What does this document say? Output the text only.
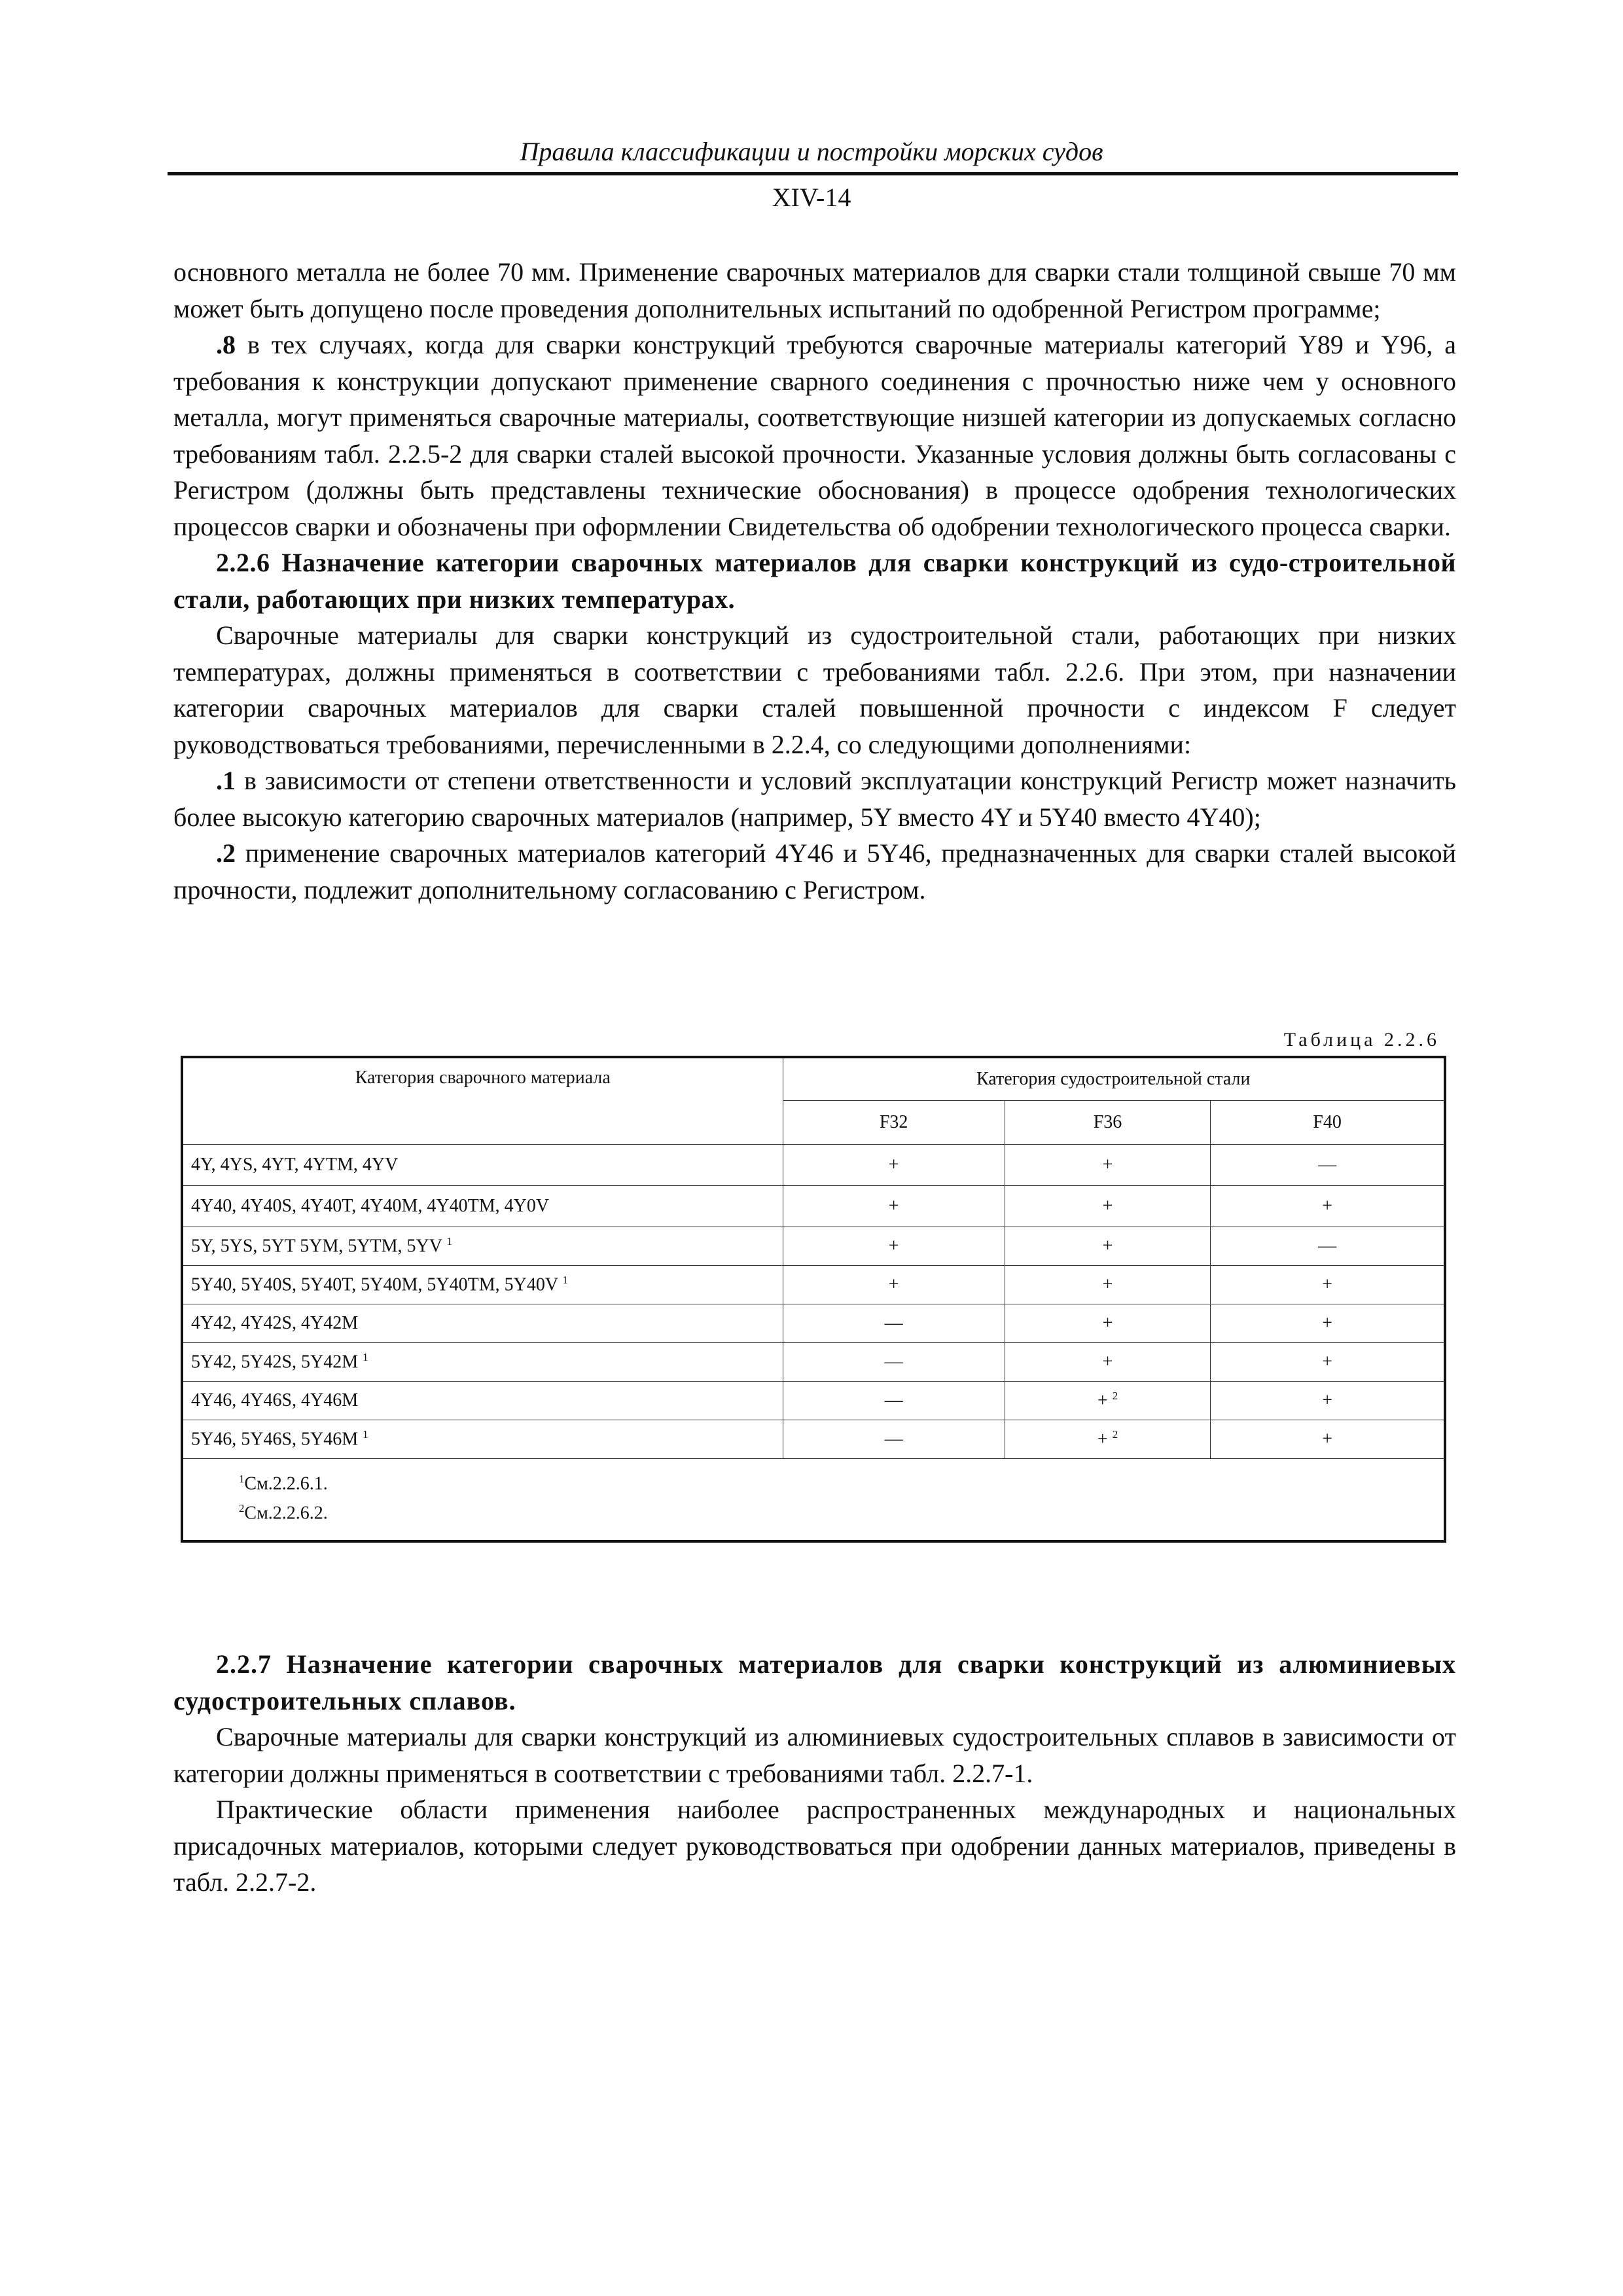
Правила классификации и постройки морских судов
XIV-14

основного металла не более 70 мм. Применение сварочных материалов для сварки стали толщиной свыше 70 мм может быть допущено после проведения дополнительных испытаний по одобренной Регистром программе;

.8 в тех случаях, когда для сварки конструкций требуются сварочные материалы категорий Y89 и Y96, а требования к конструкции допускают применение сварного соединения с прочностью ниже чем у основного металла, могут применяться сварочные материалы, соответствующие низшей категории из допускаемых согласно требованиям табл. 2.2.5-2 для сварки сталей высокой прочности. Указанные условия должны быть согласованы с Регистром (должны быть представлены технические обоснования) в процессе одобрения технологических процессов сварки и обозначены при оформлении Свидетельства об одобрении технологического процесса сварки.

2.2.6 Назначение категории сварочных материалов для сварки конструкций из судо-строительной стали, работающих при низких температурах.

Сварочные материалы для сварки конструкций из судостроительной стали, работающих при низких температурах, должны применяться в соответствии с требованиями табл. 2.2.6. При этом, при назначении категории сварочных материалов для сварки сталей повышенной прочности с индексом F следует руководствоваться требованиями, перечисленными в 2.2.4, со следующими дополнениями:

.1 в зависимости от степени ответственности и условий эксплуатации конструкций Регистр может назначить более высокую категорию сварочных материалов (например, 5Y вместо 4Y и 5Y40 вместо 4Y40);

.2 применение сварочных материалов категорий 4Y46 и 5Y46, предназначенных для сварки сталей высокой прочности, подлежит дополнительному согласованию с Регистром.

Таблица 2.2.6
Категория сварочного материала	Категория судостроительной стали		
	F32	F36	F40
4Y, 4YS, 4YT, 4YTM, 4YV	+	+	—
4Y40, 4Y40S, 4Y40T, 4Y40M, 4Y40TM, 4Y0V	+	+	+
5Y, 5YS, 5YT 5YM, 5YTM, 5YV $^1$	+	+	—
5Y40, 5Y40S, 5Y40T, 5Y40M, 5Y40TM, 5Y40V $^1$	+	+	+
4Y42, 4Y42S, 4Y42M	—	+	+
5Y42, 5Y42S, 5Y42M $^1$	—	+	+
4Y46, 4Y46S, 4Y46M	—	+ $^2$	+
5Y46, 5Y46S, 5Y46M $^1$	—	+ $^2$	+

$^1$См.2.2.6.1.
$^2$См.2.2.6.2.			

2.2.7 Назначение категории сварочных материалов для сварки конструкций из алюминиевых судостроительных сплавов.

Сварочные материалы для сварки конструкций из алюминиевых судостроительных сплавов в зависимости от категории должны применяться в соответствии с требованиями табл. 2.2.7-1.

Практические области применения наиболее распространенных международных и национальных присадочных материалов, которыми следует руководствоваться при одобрении данных материалов, приведены в табл. 2.2.7-2.
